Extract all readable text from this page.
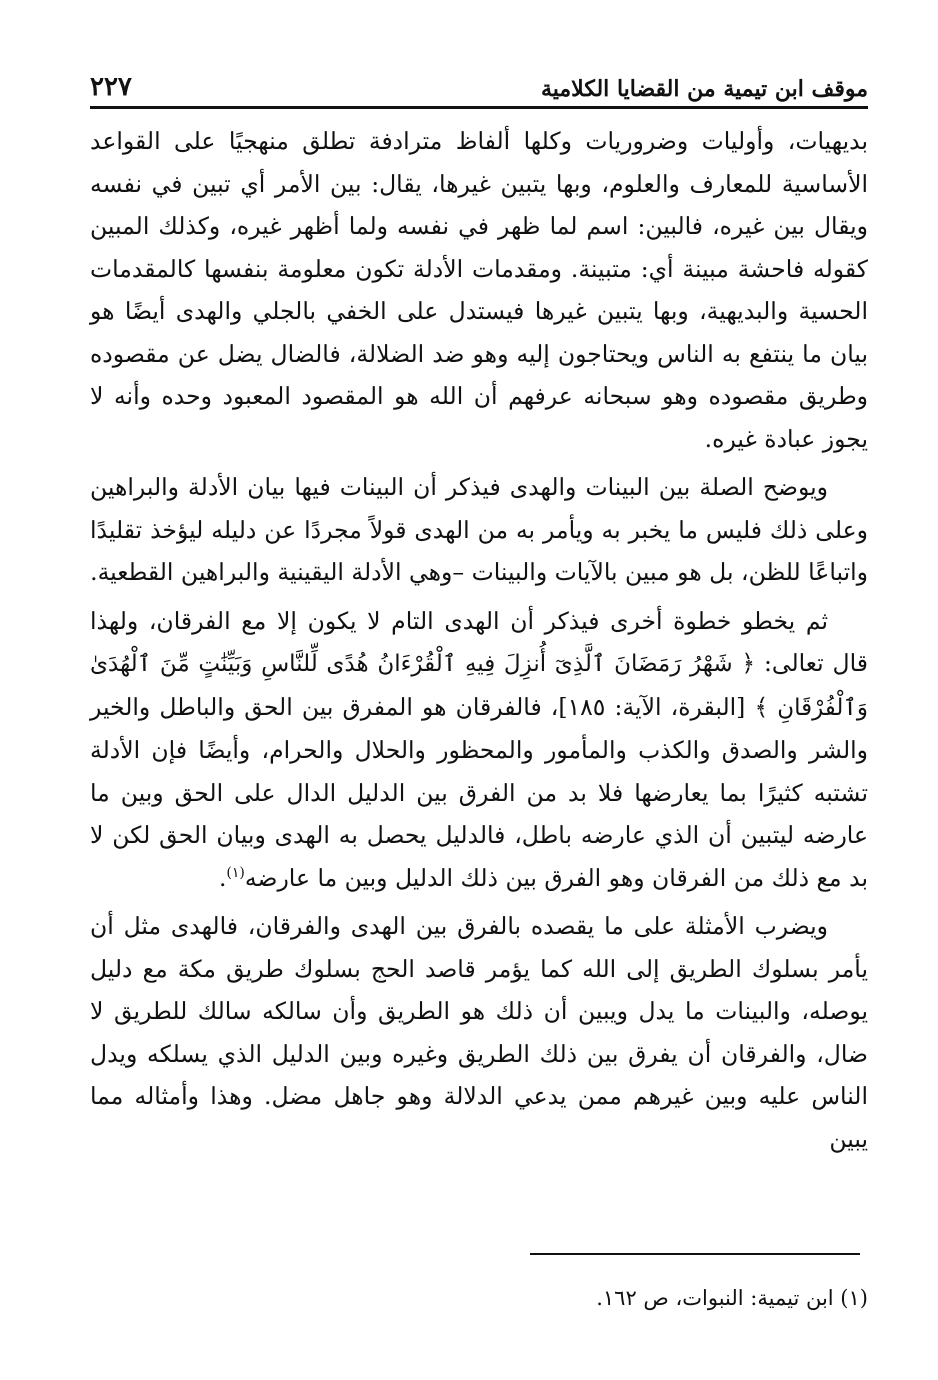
موقف ابن تيمية من القضايا الكلامية
٢٢٧

بديهيات، وأوليات وضروريات وكلها ألفاظ مترادفة تطلق منهجيًا على القواعد الأساسية للمعارف والعلوم، وبها يتبين غيرها، يقال: بين الأمر أي تبين في نفسه ويقال بين غيره، فالبين: اسم لما ظهر في نفسه ولما أظهر غيره، وكذلك المبين كقوله فاحشة مبينة أي: متبينة. ومقدمات الأدلة تكون معلومة بنفسها كالمقدمات الحسية والبديهية، وبها يتبين غيرها فيستدل على الخفي بالجلي والهدى أيضًا هو بيان ما ينتفع به الناس ويحتاجون إليه وهو ضد الضلالة، فالضال يضل عن مقصوده وطريق مقصوده وهو سبحانه عرفهم أن الله هو المقصود المعبود وحده وأنه لا يجوز عبادة غيره.

ويوضح الصلة بين البينات والهدى فيذكر أن البينات فيها بيان الأدلة والبراهين وعلى ذلك فليس ما يخبر به ويأمر به من الهدى قولاً مجردًا عن دليله ليؤخذ تقليدًا واتباعًا للظن، بل هو مبين بالآيات والبينات –وهي الأدلة اليقينية والبراهين القطعية.

ثم يخطو خطوة أخرى فيذكر أن الهدى التام لا يكون إلا مع الفرقان، ولهذا قال تعالى: ﴿ شَهْرُ رَمَضَانَ ٱلَّذِىٓ أُنزِلَ فِيهِ ٱلْقُرْءَانُ هُدًى لِّلنَّاسِ وَبَيِّنَٰتٍ مِّنَ ٱلْهُدَىٰ وَٱلْفُرْقَانِ ﴾ [البقرة، الآية: ١٨٥]، فالفرقان هو المفرق بين الحق والباطل والخير والشر والصدق والكذب والمأمور والمحظور والحلال والحرام، وأيضًا فإن الأدلة تشتبه كثيرًا بما يعارضها فلا بد من الفرق بين الدليل الدال على الحق وبين ما عارضه ليتبين أن الذي عارضه باطل، فالدليل يحصل به الهدى وبيان الحق لكن لا بد مع ذلك من الفرقان وهو الفرق بين ذلك الدليل وبين ما عارضه$^{(١)}$.

ويضرب الأمثلة على ما يقصده بالفرق بين الهدى والفرقان، فالهدى مثل أن يأمر بسلوك الطريق إلى الله كما يؤمر قاصد الحج بسلوك طريق مكة مع دليل يوصله، والبينات ما يدل ويبين أن ذلك هو الطريق وأن سالكه سالك للطريق لا ضال، والفرقان أن يفرق بين ذلك الطريق وغيره وبين الدليل الذي يسلكه ويدل الناس عليه وبين غيرهم ممن يدعي الدلالة وهو جاهل مضل. وهذا وأمثاله مما يبين

(١) ابن تيمية: النبوات، ص ١٦٢.
